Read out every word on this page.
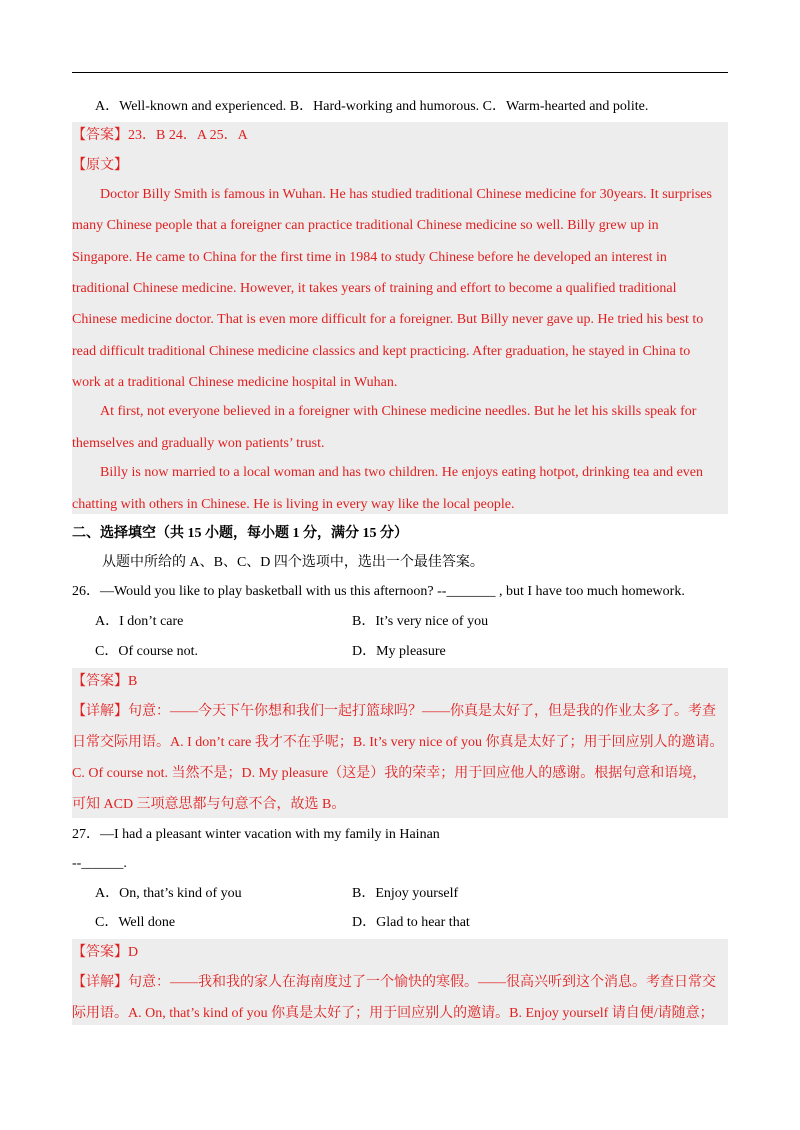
A．Well-known and experienced. B．Hard-working and humorous. C．Warm-hearted and polite.
【答案】23．B 24．A 25．A
【原文】
Doctor Billy Smith is famous in Wuhan. He has studied traditional Chinese medicine for 30years. It surprises
many Chinese people that a foreigner can practice traditional Chinese medicine so well. Billy grew up in
Singapore. He came to China for the first time in 1984 to study Chinese before he developed an interest in
traditional Chinese medicine. However, it takes years of training and effort to become a qualified traditional
Chinese medicine doctor. That is even more difficult for a foreigner. But Billy never gave up. He tried his best to
read difficult traditional Chinese medicine classics and kept practicing. After graduation, he stayed in China to
work at a traditional Chinese medicine hospital in Wuhan.
At first, not everyone believed in a foreigner with Chinese medicine needles. But he let his skills speak for
themselves and gradually won patients’ trust.
Billy is now married to a local woman and has two children. He enjoys eating hotpot, drinking tea and even
chatting with others in Chinese. He is living in every way like the local people.
二、选择填空（共 15 小题，每小题 1 分，满分 15 分）
从题中所给的 A、B、C、D 四个选项中，选出一个最佳答案。
26．—Would you like to play basketball with us this afternoon? --_______ , but I have too much homework.
A．I don’t care	B．It’s very nice of you
C．Of course not.	D．My pleasure
【答案】B
【详解】句意：——今天下午你想和我们一起打篮球吗？——你真是太好了，但是我的作业太多了。考查
日常交际用语。A. I don’t care 我才不在乎呢；B. It’s very nice of you 你真是太好了；用于回应别人的邀请。
C. Of course not. 当然不是；D. My pleasure（这是）我的荣幸；用于回应他人的感谢。根据句意和语境，
可知 ACD 三项意思都与句意不合，故选 B。
27．—I had a pleasant winter vacation with my family in Hainan
--______.
A．On, that’s kind of you	B．Enjoy yourself
C．Well done	D．Glad to hear that
【答案】D
【详解】句意：——我和我的家人在海南度过了一个愉快的寒假。——很高兴听到这个消息。考查日常交
际用语。A. On, that’s kind of you 你真是太好了；用于回应别人的邀请。B. Enjoy yourself 请自便/请随意；
